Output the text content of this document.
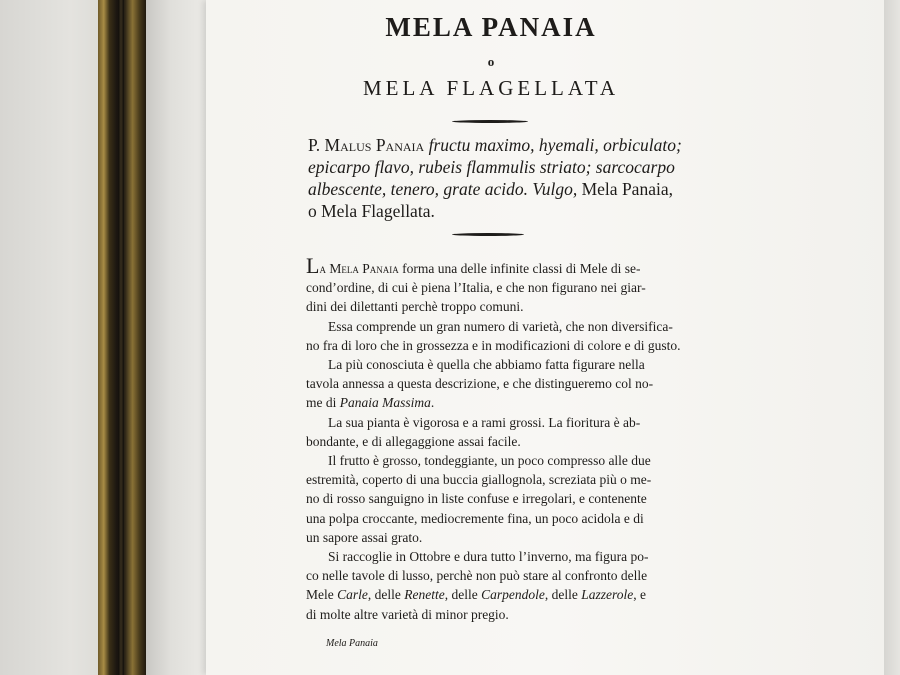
MELA PANAIA
o
MELA FLAGELLATA
P. Malus Panaia fructu maximo, hyemali, orbiculato;
epicarpo flavo, rubeis flammulis striato; sarcocarpo
albescente, tenero, grate acido. Vulgo, Mela Panaia,
o Mela Flagellata.
La Mela Panaia forma una delle infinite classi di Mele di se-
cond’ordine, di cui è piena l’Italia, e che non figurano nei giar-
dini dei dilettanti perchè troppo comuni.
Essa comprende un gran numero di varietà, che non diversifica-
no fra di loro che in grossezza e in modificazioni di colore e di gusto.
La più conosciuta è quella che abbiamo fatta figurare nella
tavola annessa a questa descrizione, e che distingueremo col no-
me di Panaia Massima.
La sua pianta è vigorosa e a rami grossi. La fioritura è ab-
bondante, e di allegaggione assai facile.
Il frutto è grosso, tondeggiante, un poco compresso alle due
estremità, coperto di una buccia giallognola, screziata più o me-
no di rosso sanguigno in liste confuse e irregolari, e contenente
una polpa croccante, mediocremente fina, un poco acidola e di
un sapore assai grato.
Si raccoglie in Ottobre e dura tutto l’inverno, ma figura po-
co nelle tavole di lusso, perchè non può stare al confronto delle
Mele Carle, delle Renette, delle Carpendole, delle Lazzerole, e
di molte altre varietà di minor pregio.
Mela Panaia
